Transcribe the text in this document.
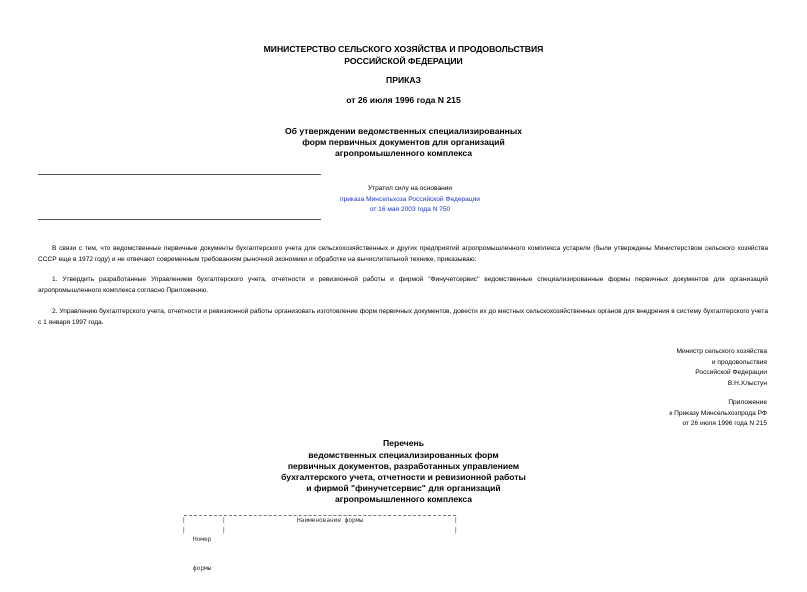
МИНИСТЕРСТВО СЕЛЬСКОГО ХОЗЯЙСТВА И ПРОДОВОЛЬСТВИЯ
РОССИЙСКОЙ ФЕДЕРАЦИИ
ПРИКАЗ
от 26 июля 1996 года N 215
Об утверждении ведомственных специализированных
форм первичных документов для организаций
агропромышленного комплекса
Утратил силу на основании
приказа Минсельхоза Российской Федерации
от 16 мая 2003 года N 750
В связи с тем, что ведомственные первичные документы бухгалтерского учета для сельскохозяйственных и других предприятий агропромышленного комплекса устарели (были утверждены Министерством сельского хозяйства СССР еще в 1972 году) и не отвечают современным требованиям рыночной экономики и обработке на вычислительной технике, приказываю:
1. Утвердить разработанные Управлением бухгалтерского учета, отчетности и ревизионной работы и фирмой "Финучетсервис" ведомственные специализированные формы первичных документов для организаций агропромышленного комплекса согласно Приложению.
2. Управлению бухгалтерского учета, отчетности и ревизионной работы организовать изготовление форм первичных документов, довести их до местных сельскохозяйственных органов для внедрения в систему бухгалтерского учета с 1 января 1997 года.
Министр сельского хозяйства
и продовольствия
Российской Федерации
В.Н.Хлыстун
Приложение
к Приказу Минсельхозпрода РФ
от 26 июля 1996 года N 215
Перечень
ведомственных специализированных форм
первичных документов, разработанных управлением
бухгалтерского учета, отчетности и ревизионной работы
и фирмой "финучетсервис" для организаций
агропромышленного комплекса
|
|
|
|
|
|

Номер

формы

Наименование формы
